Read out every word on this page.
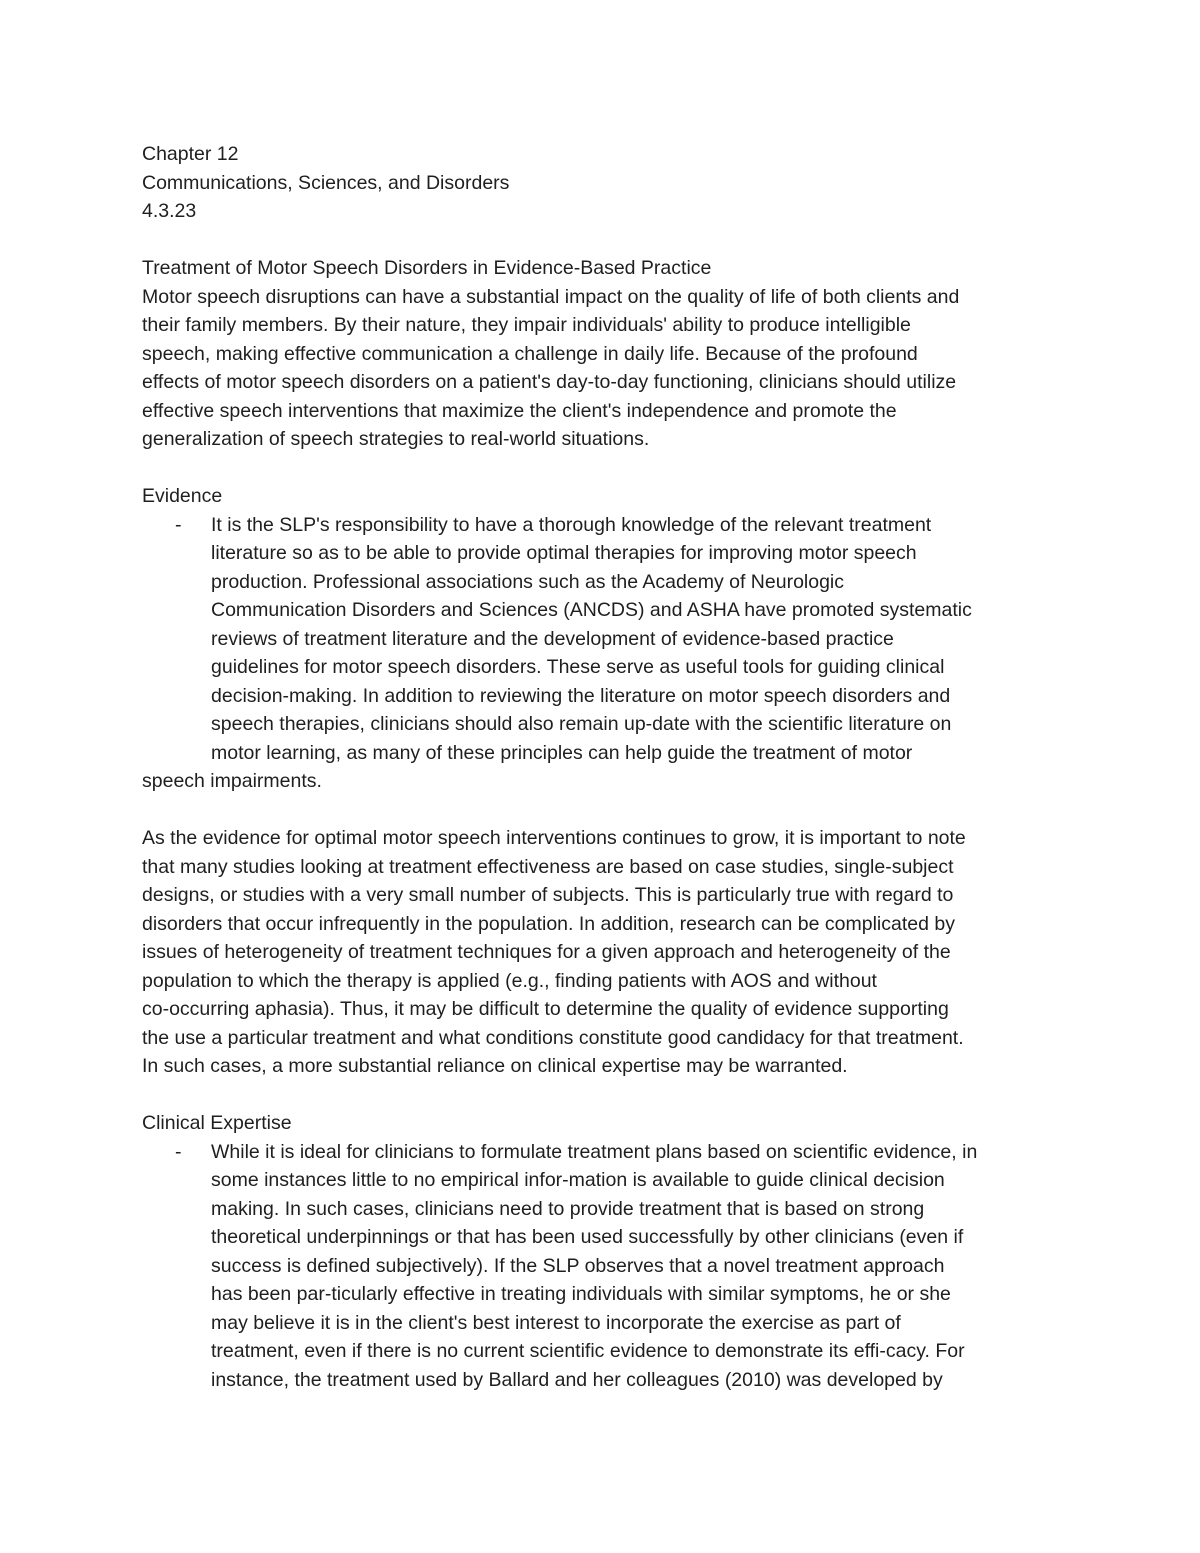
Chapter 12
Communications, Sciences, and Disorders
4.3.23
Treatment of Motor Speech Disorders in Evidence-Based Practice
Motor speech disruptions can have a substantial impact on the quality of life of both clients and
their family members. By their nature, they impair individuals' ability to produce intelligible
speech, making effective communication a challenge in daily life. Because of the profound
effects of motor speech disorders on a patient's day-to-day functioning, clinicians should utilize
effective speech interventions that maximize the client's independence and promote the
generalization of speech strategies to real-world situations.
Evidence
- It is the SLP's responsibility to have a thorough knowledge of the relevant treatment
literature so as to be able to provide optimal therapies for improving motor speech
production. Professional associations such as the Academy of Neurologic
Communication Disorders and Sciences (ANCDS) and ASHA have promoted systematic
reviews of treatment literature and the development of evidence-based practice
guidelines for motor speech disorders. These serve as useful tools for guiding clinical
decision-making. In addition to reviewing the literature on motor speech disorders and
speech therapies, clinicians should also remain up-date with the scientific literature on
motor learning, as many of these principles can help guide the treatment of motor
speech impairments.
As the evidence for optimal motor speech interventions continues to grow, it is important to note
that many studies looking at treatment effectiveness are based on case studies, single-subject
designs, or studies with a very small number of subjects. This is particularly true with regard to
disorders that occur infrequently in the population. In addition, research can be complicated by
issues of heterogeneity of treatment techniques for a given approach and heterogeneity of the
population to which the therapy is applied (e.g., finding patients with AOS and without
co-occurring aphasia). Thus, it may be difficult to determine the quality of evidence supporting
the use a particular treatment and what conditions constitute good candidacy for that treatment.
In such cases, a more substantial reliance on clinical expertise may be warranted.
Clinical Expertise
- While it is ideal for clinicians to formulate treatment plans based on scientific evidence, in
some instances little to no empirical infor-mation is available to guide clinical decision
making. In such cases, clinicians need to provide treatment that is based on strong
theoretical underpinnings or that has been used successfully by other clinicians (even if
success is defined subjectively). If the SLP observes that a novel treatment approach
has been par-ticularly effective in treating individuals with similar symptoms, he or she
may believe it is in the client's best interest to incorporate the exercise as part of
treatment, even if there is no current scientific evidence to demonstrate its effi-cacy. For
instance, the treatment used by Ballard and her colleagues (2010) was developed by
